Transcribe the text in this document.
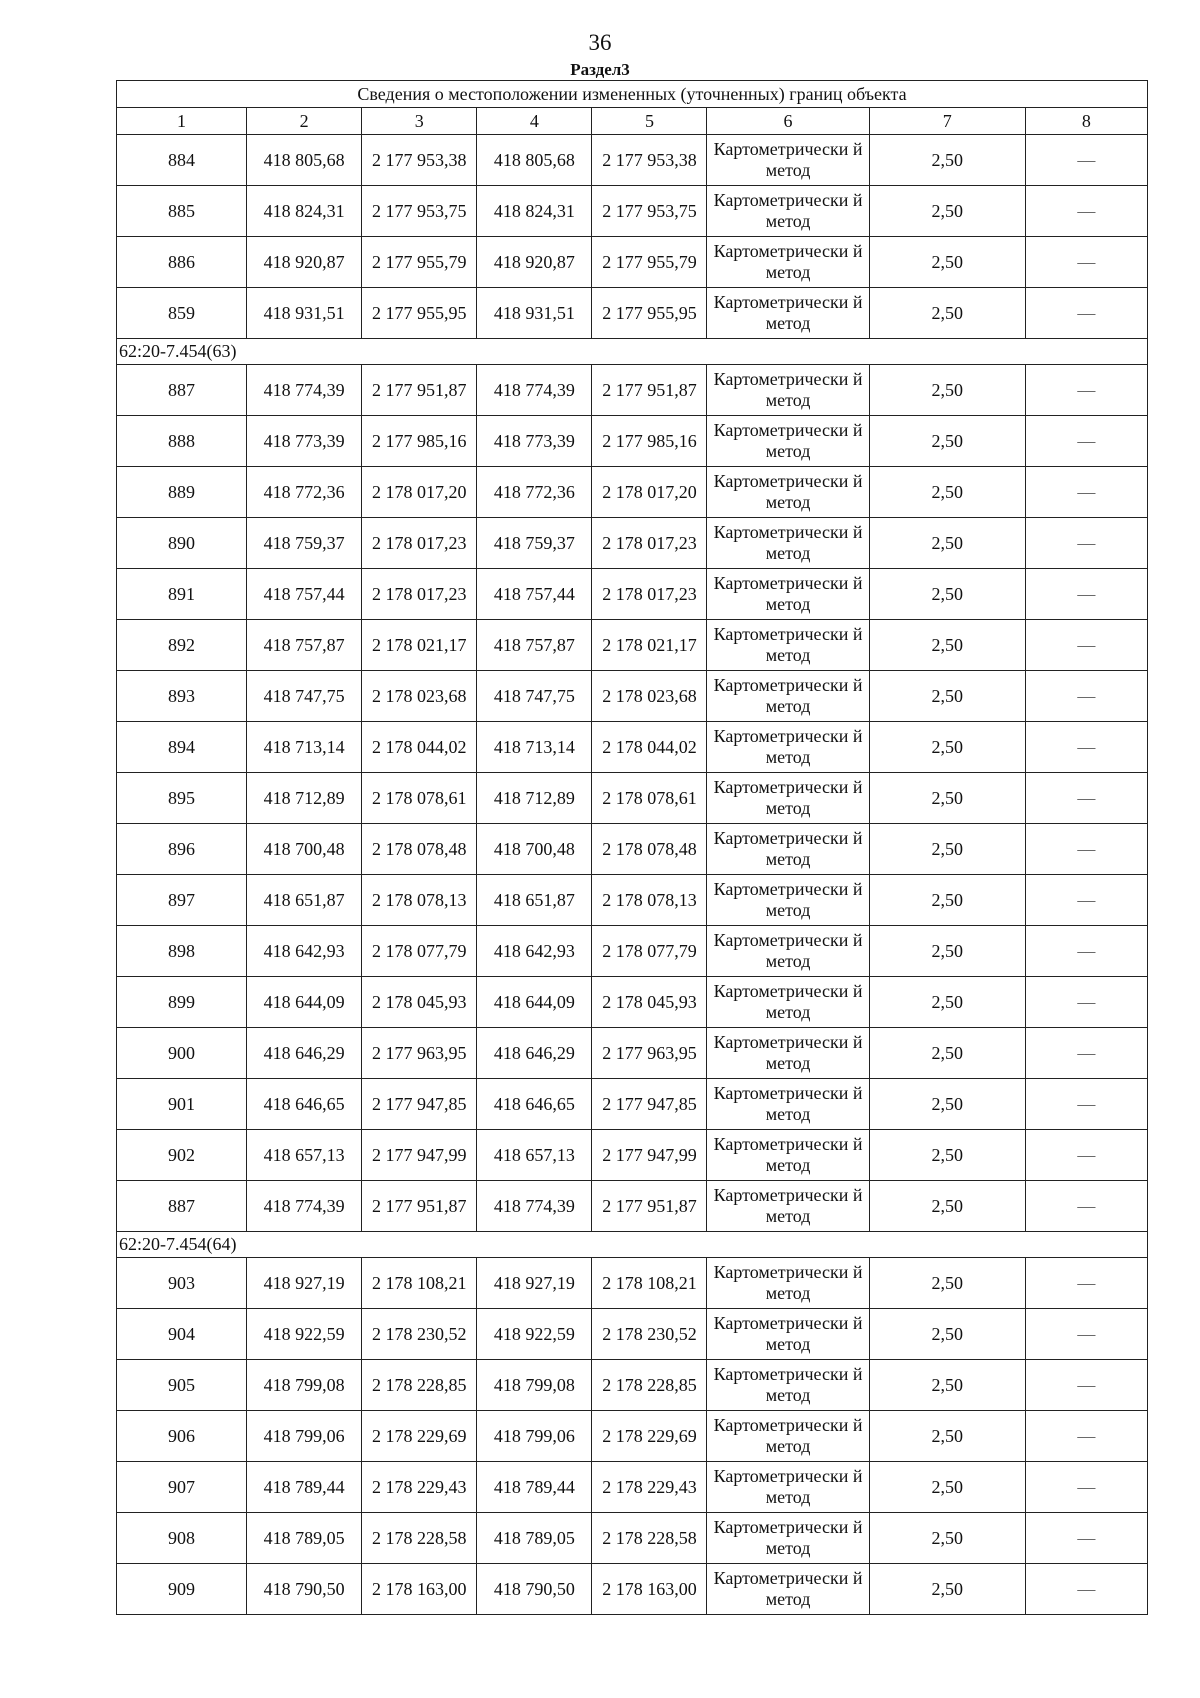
36
Раздел3
Сведения о местоположении измененных (уточненных) границ объекта							
1	2	3	4	5	6	7	8
884	418 805,68	2 177 953,38	418 805,68	2 177 953,38	Картометрически й метод	2,50	—
885	418 824,31	2 177 953,75	418 824,31	2 177 953,75	Картометрически й метод	2,50	—
886	418 920,87	2 177 955,79	418 920,87	2 177 955,79	Картометрически й метод	2,50	—
859	418 931,51	2 177 955,95	418 931,51	2 177 955,95	Картометрически й метод	2,50	—
62:20-7.454(63)							
887	418 774,39	2 177 951,87	418 774,39	2 177 951,87	Картометрически й метод	2,50	—
888	418 773,39	2 177 985,16	418 773,39	2 177 985,16	Картометрически й метод	2,50	—
889	418 772,36	2 178 017,20	418 772,36	2 178 017,20	Картометрически й метод	2,50	—
890	418 759,37	2 178 017,23	418 759,37	2 178 017,23	Картометрически й метод	2,50	—
891	418 757,44	2 178 017,23	418 757,44	2 178 017,23	Картометрически й метод	2,50	—
892	418 757,87	2 178 021,17	418 757,87	2 178 021,17	Картометрически й метод	2,50	—
893	418 747,75	2 178 023,68	418 747,75	2 178 023,68	Картометрически й метод	2,50	—
894	418 713,14	2 178 044,02	418 713,14	2 178 044,02	Картометрически й метод	2,50	—
895	418 712,89	2 178 078,61	418 712,89	2 178 078,61	Картометрически й метод	2,50	—
896	418 700,48	2 178 078,48	418 700,48	2 178 078,48	Картометрически й метод	2,50	—
897	418 651,87	2 178 078,13	418 651,87	2 178 078,13	Картометрически й метод	2,50	—
898	418 642,93	2 178 077,79	418 642,93	2 178 077,79	Картометрически й метод	2,50	—
899	418 644,09	2 178 045,93	418 644,09	2 178 045,93	Картометрически й метод	2,50	—
900	418 646,29	2 177 963,95	418 646,29	2 177 963,95	Картометрически й метод	2,50	—
901	418 646,65	2 177 947,85	418 646,65	2 177 947,85	Картометрически й метод	2,50	—
902	418 657,13	2 177 947,99	418 657,13	2 177 947,99	Картометрически й метод	2,50	—
887	418 774,39	2 177 951,87	418 774,39	2 177 951,87	Картометрически й метод	2,50	—
62:20-7.454(64)							
903	418 927,19	2 178 108,21	418 927,19	2 178 108,21	Картометрически й метод	2,50	—
904	418 922,59	2 178 230,52	418 922,59	2 178 230,52	Картометрически й метод	2,50	—
905	418 799,08	2 178 228,85	418 799,08	2 178 228,85	Картометрически й метод	2,50	—
906	418 799,06	2 178 229,69	418 799,06	2 178 229,69	Картометрически й метод	2,50	—
907	418 789,44	2 178 229,43	418 789,44	2 178 229,43	Картометрически й метод	2,50	—
908	418 789,05	2 178 228,58	418 789,05	2 178 228,58	Картометрически й метод	2,50	—
909	418 790,50	2 178 163,00	418 790,50	2 178 163,00	Картометрически й метод	2,50	—
